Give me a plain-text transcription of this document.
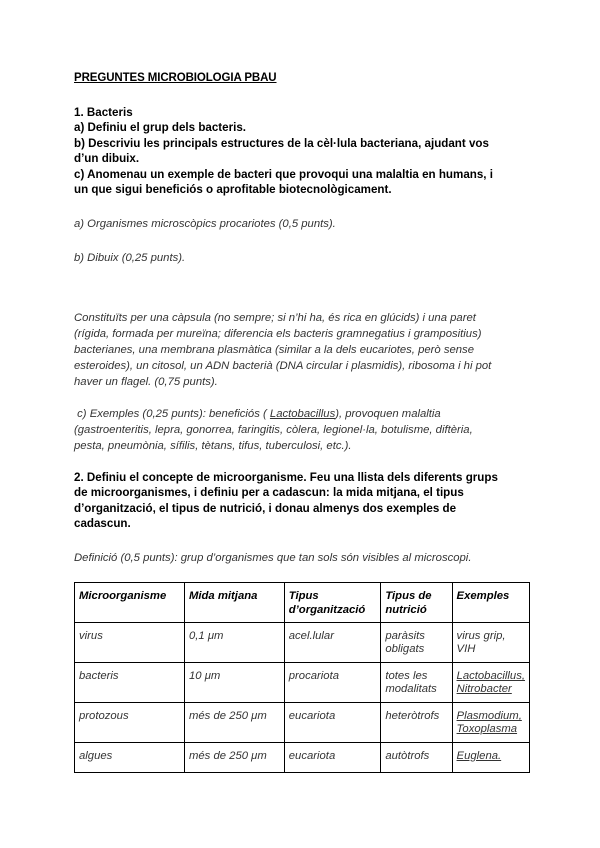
PREGUNTES MICROBIOLOGIA PBAU

1. Bacteris

a) Definiu el grup dels bacteris.

b) Descriviu les principals estructures de la cèl·lula bacteriana, ajudant vos

d’un dibuix.

c) Anomenau un exemple de bacteri que provoqui una malaltia en humans, i

un que sigui beneficiós o aprofitable biotecnològicament.

a) Organismes microscòpics procariotes (0,5 punts).

b) Dibuix (0,25 punts).

Constituïts per una càpsula (no sempre; si n’hi ha, és rica en glúcids) i una paret

(rígida, formada per mureïna; diferencia els bacteris gramnegatius i grampositius)

bacterianes, una membrana plasmàtica (similar a la dels eucariotes, però sense

esteroides), un citosol, un ADN bacterià (DNA circular i plasmidis), ribosoma i hi pot

haver un flagel. (0,75 punts).

c) Exemples (0,25 punts): beneficiós ( Lactobacillus), provoquen malaltia

(gastroenteritis, lepra, gonorrea, faringitis, còlera, legionel·la, botulisme, diftèria,

pesta, pneumònia, sífilis, tètans, tifus, tuberculosi, etc.).

2. Definiu el concepte de microorganisme. Feu una llista dels diferents grups

de microorganismes, i definiu per a cadascun: la mida mitjana, el tipus

d’organització, el tipus de nutrició, i donau almenys dos exemples de

cadascun.

Definició (0,5 punts): grup d’organismes que tan sols són visibles al microscopi.

Microorganisme	Mida mitjana	Tipus d’organització	Tipus de nutrició	Exemples
virus	0,1 μm	acel.lular	paràsits obligats	virus grip, VIH
bacteris	10 μm	procariota	totes les modalitats	Lactobacillus, Nitrobacter
protozous	més de 250 μm	eucariota	heteròtrofs	Plasmodium, Toxoplasma
algues	més de 250 μm	eucariota	autòtrofs	Euglena.
